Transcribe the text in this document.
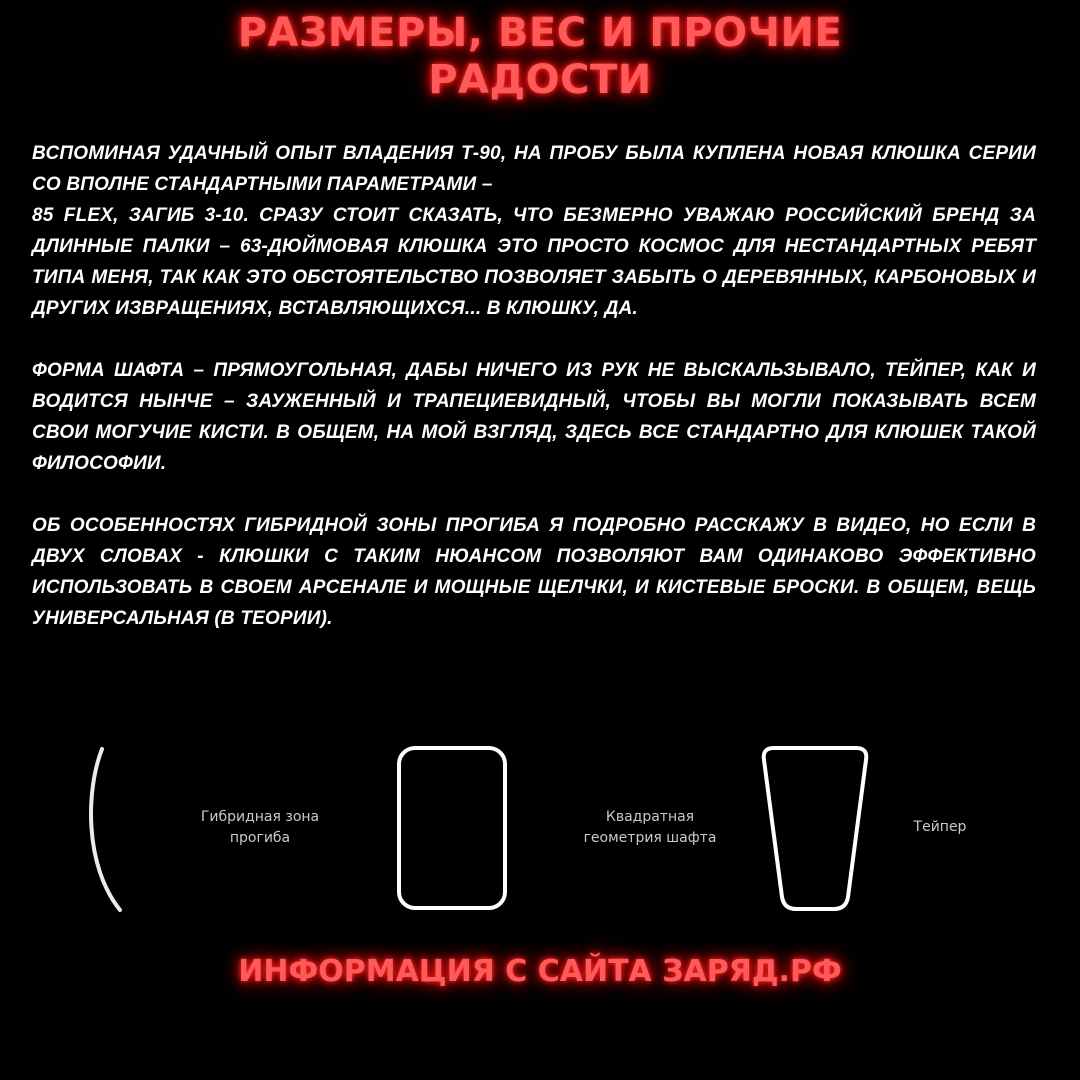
РАЗМЕРЫ, ВЕС И ПРОЧИЕ
РАДОСТИ
ВСПОМИНАЯ УДАЧНЫЙ ОПЫТ ВЛАДЕНИЯ Т-90, НА ПРОБУ БЫЛА КУПЛЕНА НОВАЯ КЛЮШКА СЕРИИ СО ВПОЛНЕ СТАНДАРТНЫМИ ПАРАМЕТРАМИ –
85 FLEX, ЗАГИБ 3-10. СРАЗУ СТОИТ СКАЗАТЬ, ЧТО БЕЗМЕРНО УВАЖАЮ РОССИЙСКИЙ БРЕНД ЗА ДЛИННЫЕ ПАЛКИ – 63-ДЮЙМОВАЯ КЛЮШКА ЭТО ПРОСТО КОСМОС ДЛЯ НЕСТАНДАРТНЫХ РЕБЯТ ТИПА МЕНЯ, ТАК КАК ЭТО ОБСТОЯТЕЛЬСТВО ПОЗВОЛЯЕТ ЗАБЫТЬ О ДЕРЕВЯННЫХ, КАРБОНОВЫХ И ДРУГИХ ИЗВРАЩЕНИЯХ, ВСТАВЛЯЮЩИХСЯ... В КЛЮШКУ, ДА.
ФОРМА ШАФТА – ПРЯМОУГОЛЬНАЯ, ДАБЫ НИЧЕГО ИЗ РУК НЕ ВЫСКАЛЬЗЫВАЛО, ТЕЙПЕР, КАК И ВОДИТСЯ НЫНЧЕ – ЗАУЖЕННЫЙ И ТРАПЕЦИЕВИДНЫЙ, ЧТОБЫ ВЫ МОГЛИ ПОКАЗЫВАТЬ ВСЕМ СВОИ МОГУЧИЕ КИСТИ. В ОБЩЕМ, НА МОЙ ВЗГЛЯД, ЗДЕСЬ ВСЕ СТАНДАРТНО ДЛЯ КЛЮШЕК ТАКОЙ ФИЛОСОФИИ.
ОБ ОСОБЕННОСТЯХ ГИБРИДНОЙ ЗОНЫ ПРОГИБА Я ПОДРОБНО РАССКАЖУ В ВИДЕО, НО ЕСЛИ В ДВУХ СЛОВАХ - КЛЮШКИ С ТАКИМ НЮАНСОМ ПОЗВОЛЯЮТ ВАМ ОДИНАКОВО ЭФФЕКТИВНО ИСПОЛЬЗОВАТЬ В СВОЕМ АРСЕНАЛЕ И МОЩНЫЕ ЩЕЛЧКИ, И КИСТЕВЫЕ БРОСКИ. В ОБЩЕМ, ВЕЩЬ УНИВЕРСАЛЬНАЯ (В ТЕОРИИ).
Гибридная зона
прогиба
Квадратная
геометрия шафта
Тейпер
ИНФОРМАЦИЯ С САЙТА ЗАРЯД.РФ
